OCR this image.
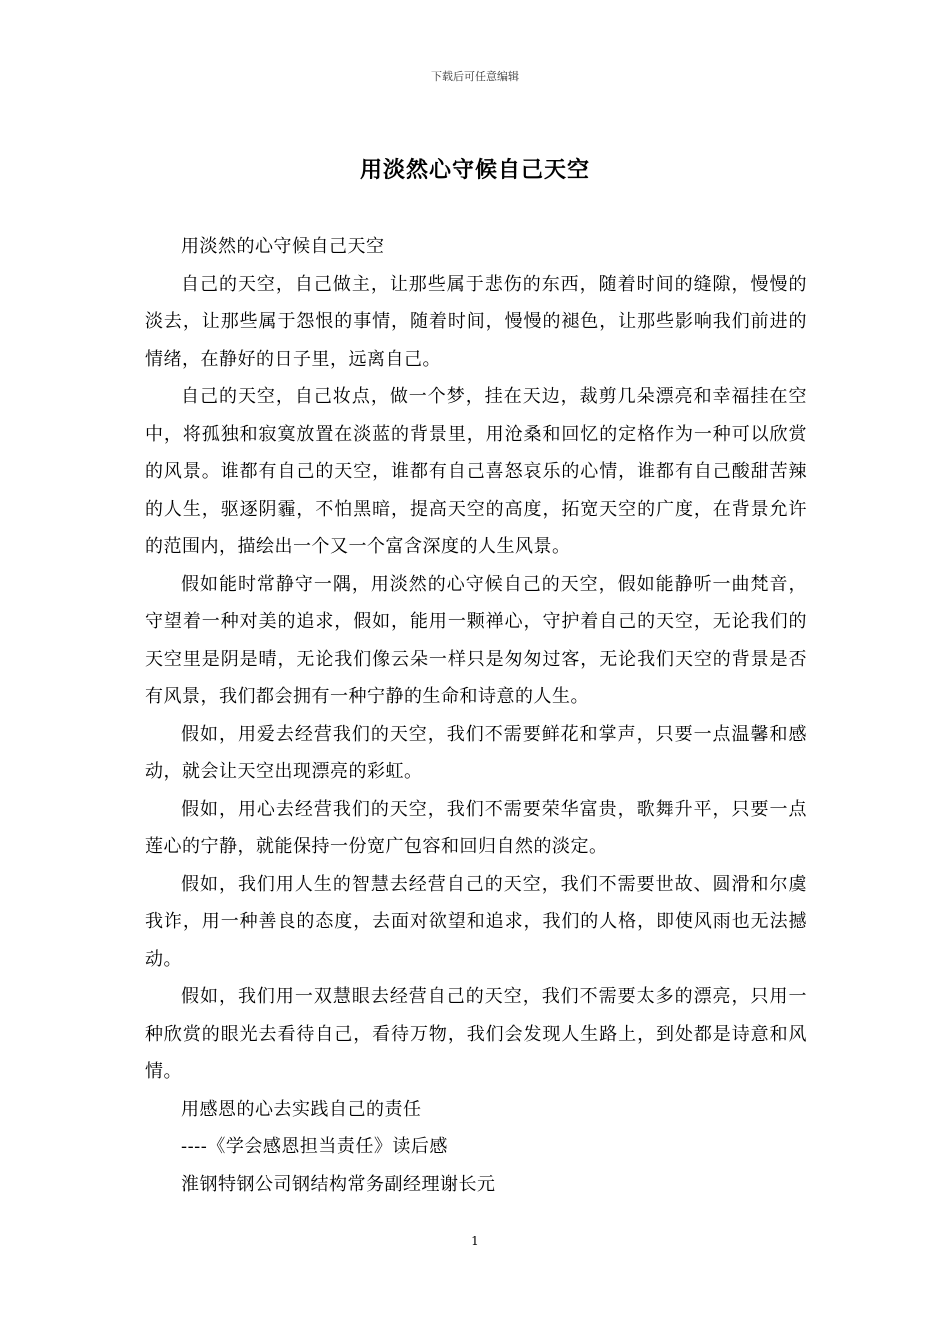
下载后可任意编辑
用淡然心守候自己天空

用淡然的心守候自己天空

自己的天空，自己做主，让那些属于悲伤的东西，随着时间的缝隙，慢慢的淡去，让那些属于怨恨的事情，随着时间，慢慢的褪色，让那些影响我们前进的情绪，在静好的日子里，远离自己。

自己的天空，自己妆点，做一个梦，挂在天边，裁剪几朵漂亮和幸福挂在空中，将孤独和寂寞放置在淡蓝的背景里，用沧桑和回忆的定格作为一种可以欣赏的风景。谁都有自己的天空，谁都有自己喜怒哀乐的心情，谁都有自己酸甜苦辣的人生，驱逐阴霾，不怕黑暗，提高天空的高度，拓宽天空的广度，在背景允许的范围内，描绘出一个又一个富含深度的人生风景。

假如能时常静守一隅，用淡然的心守候自己的天空，假如能静听一曲梵音，守望着一种对美的追求，假如，能用一颗禅心，守护着自己的天空，无论我们的天空里是阴是晴，无论我们像云朵一样只是匆匆过客，无论我们天空的背景是否有风景，我们都会拥有一种宁静的生命和诗意的人生。

假如，用爱去经营我们的天空，我们不需要鲜花和掌声，只要一点温馨和感动，就会让天空出现漂亮的彩虹。

假如，用心去经营我们的天空，我们不需要荣华富贵，歌舞升平，只要一点莲心的宁静，就能保持一份宽广包容和回归自然的淡定。

假如，我们用人生的智慧去经营自己的天空，我们不需要世故、圆滑和尔虞我诈，用一种善良的态度，去面对欲望和追求，我们的人格，即使风雨也无法撼动。

假如，我们用一双慧眼去经营自己的天空，我们不需要太多的漂亮，只用一种欣赏的眼光去看待自己，看待万物，我们会发现人生路上，到处都是诗意和风情。

用感恩的心去实践自己的责任

----《学会感恩担当责任》读后感

淮钢特钢公司钢结构常务副经理谢长元

1
